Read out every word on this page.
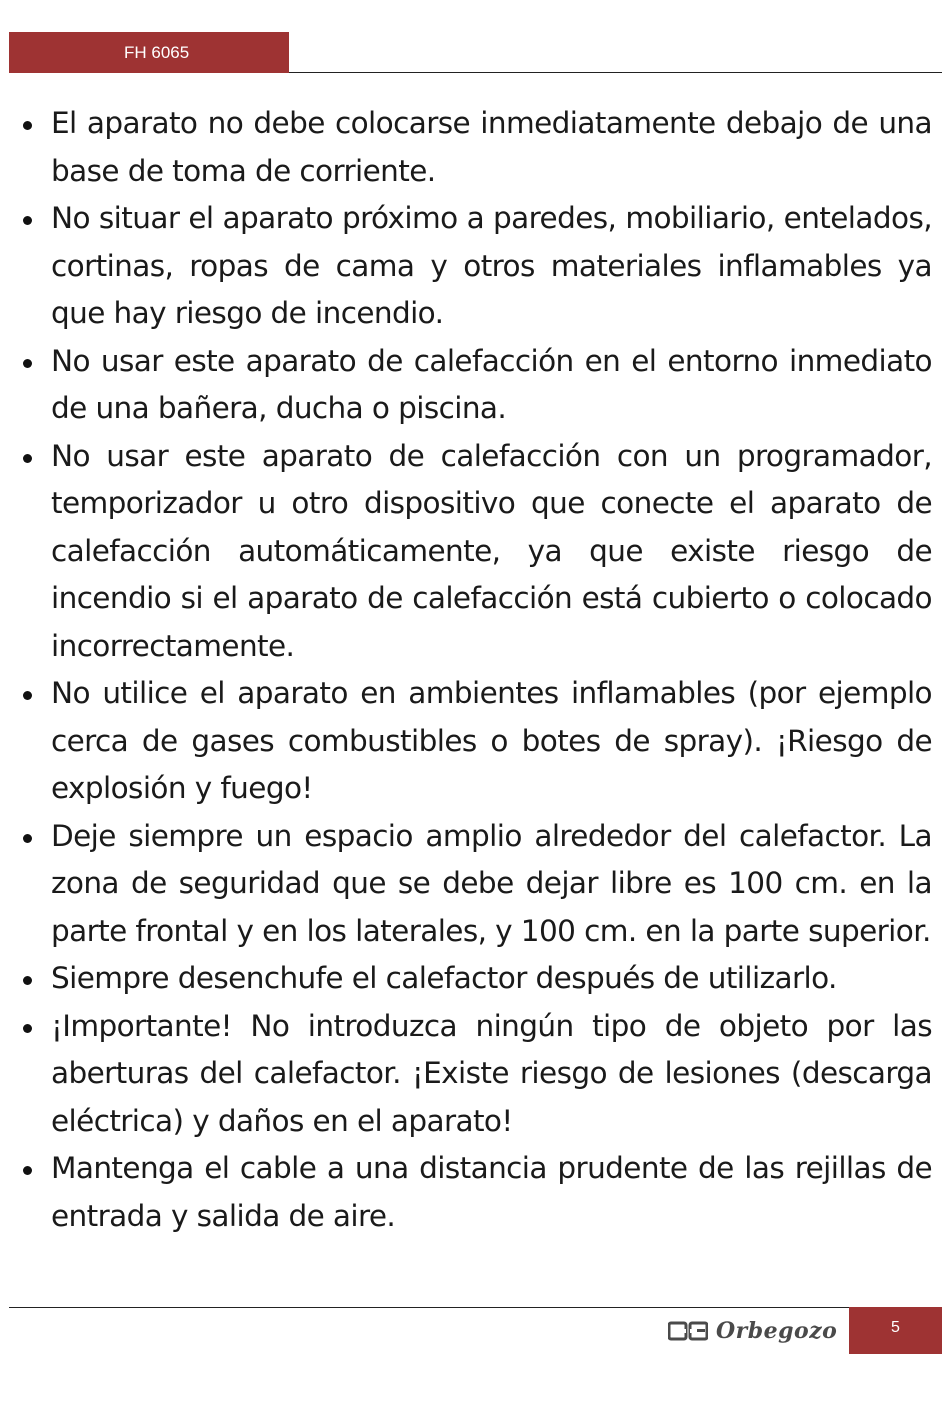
FH 6065
El aparato no debe colocarse inmediatamente debajo de una base de toma de corriente.
No situar el aparato próximo a paredes, mobiliario, entelados, cortinas, ropas de cama y otros materiales inflamables ya que hay riesgo de incendio.
No usar este aparato de calefacción en el entorno inmediato de una bañera, ducha o piscina.
No usar este aparato de calefacción con un programador, temporizador u otro dispositivo que conecte el aparato de calefacción automáticamente, ya que existe riesgo de incendio si el aparato de calefacción está cubierto o colocado incorrectamente.
No utilice el aparato en ambientes inflamables (por ejemplo cerca de gases combustibles o botes de spray). ¡Riesgo de explosión y fuego!
Deje siempre un espacio amplio alrededor del calefactor. La zona de seguridad que se debe dejar libre es 100 cm. en la parte frontal y en los laterales, y 100 cm. en la parte superior.
Siempre desenchufe el calefactor después de utilizarlo.
¡Importante! No introduzca ningún tipo de objeto por las aberturas del calefactor. ¡Existe riesgo de lesiones (descarga eléctrica) y daños en el aparato!
Mantenga el cable a una distancia prudente de las rejillas de entrada y salida de aire.
Orbegozo	5
